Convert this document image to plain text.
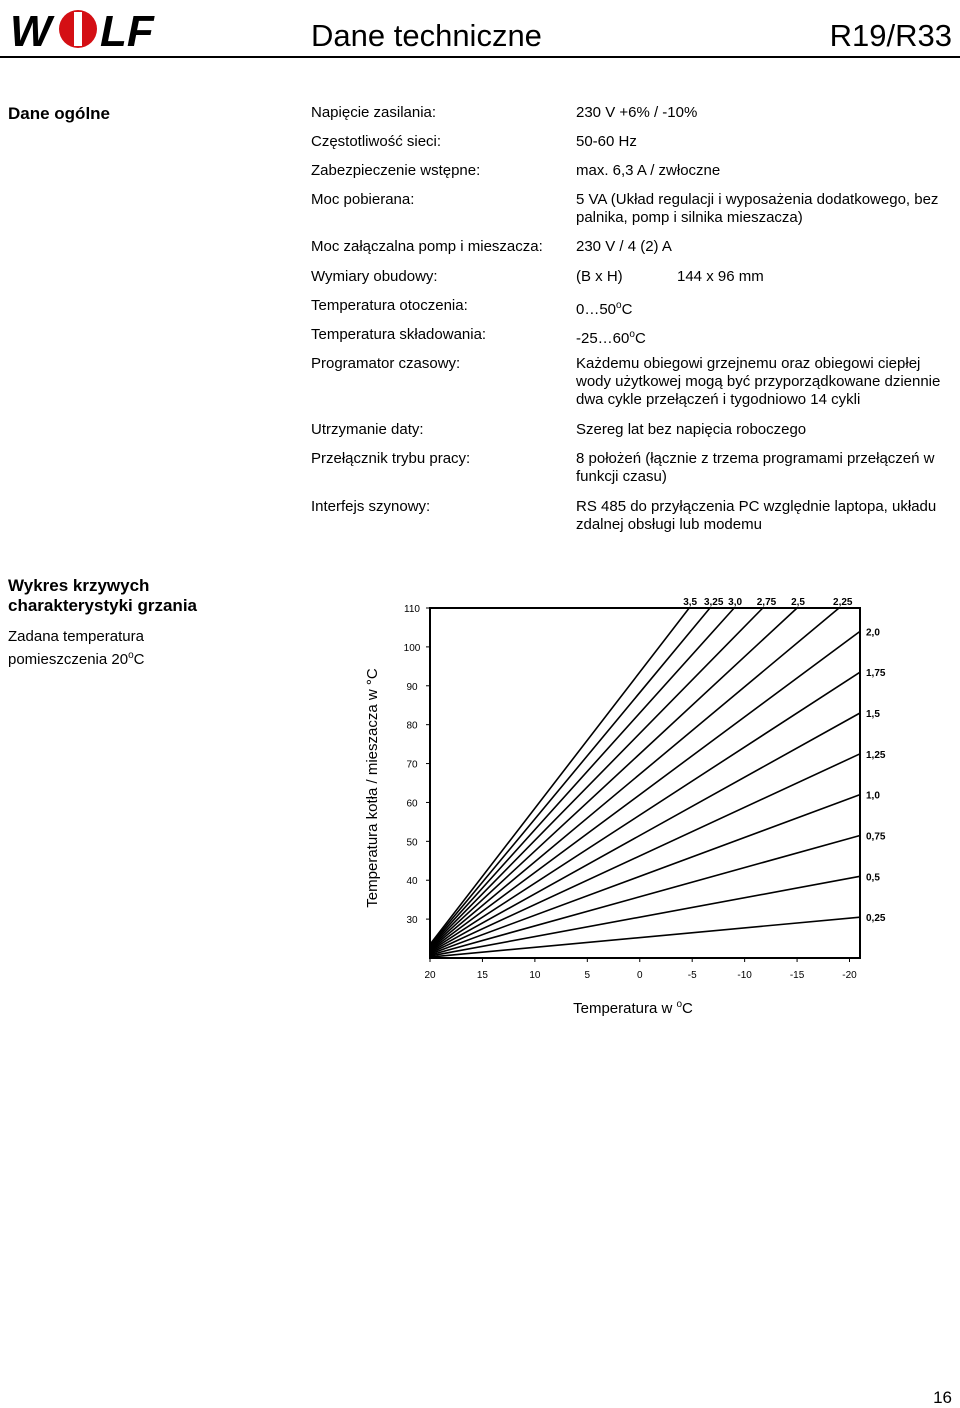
W LF	Dane techniczne	R19/R33
Dane ogólne	Napięcie zasilania:	230 V +6% / -10%
Częstotliwość sieci:	50-60 Hz
Zabezpieczenie wstępne:	max. 6,3 A / zwłoczne
Moc pobierana:	5 VA (Układ regulacji i wyposażenia dodatkowego, bez palnika, pomp i silnika mieszacza)
Moc załączalna pomp i mieszacza: 230 V / 4 (2) A
Wymiary obudowy:	(B x H)	144 x 96 mm
Temperatura otoczenia:	0…50$^o$C
Temperatura składowania:	-25…60$^o$C
Programator czasowy:	Każdemu obiegowi grzejnemu oraz obiegowi ciepłej wody użytkowej mogą być przyporządkowane dziennie dwa cykle przełączeń i tygodniowo 14 cykli
Utrzymanie daty:	Szereg lat bez napięcia roboczego
Przełącznik trybu pracy:	8 położeń (łącznie z trzema programami przełączeń w funkcji czasu)
Interfejs szynowy:	RS 485 do przyłączenia PC względnie laptopa, układu zdalnej obsługi lub modemu
Wykres krzywych charakterystyki grzania
Zadana temperatura pomieszczenia 20$^o$C
3,5 3,25 3,0 2,75 2,5	2,25
2,0
1,75
1,5
1,25
1,0
0,75
0,5
0,25
30
40
50
60
70
80
90
100
110
20	15	10	5	0	-5	-10	-15	-20
Temperatura kotła / mieszacza w °C
Temperatura w $^o$C
16
